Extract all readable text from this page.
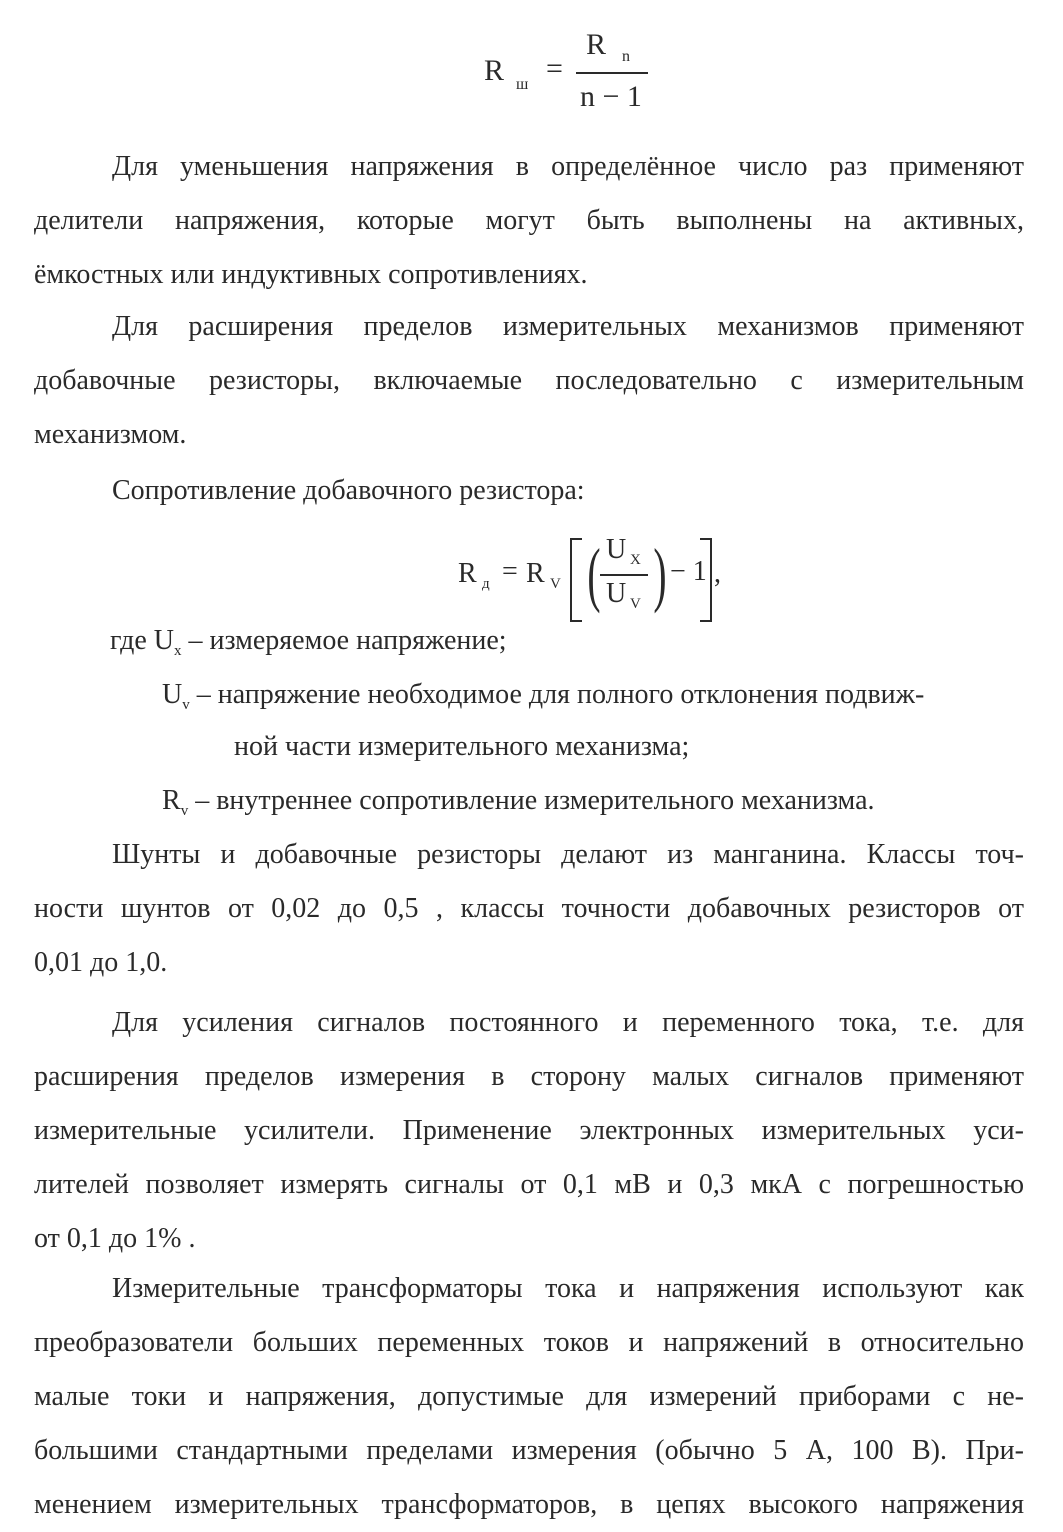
R ш =
R n
n − 1
Для уменьшения напряжения в определённое число раз применяют
делители напряжения, которые могут быть выполнены на активных,
ёмкостных или индуктивных сопротивлениях.
Для расширения пределов измерительных механизмов применяют
добавочные резисторы, включаемые последовательно с измерительным
механизмом.
Сопротивление добавочного резистора:
R д = R V ( U X
U V ) − 1 ,
где $U_x$ – измеряемое напряжение;
$U_v$ – напряжение необходимое для полного отклонения подвиж-
ной части измерительного механизма;
$R_v$ – внутреннее сопротивление измерительного механизма.
Шунты и добавочные резисторы делают из манганина. Классы точ-
ности шунтов от 0,02 до 0,5 , классы точности добавочных резисторов от
0,01 до 1,0.
Для усиления сигналов постоянного и переменного тока, т.е. для
расширения пределов измерения в сторону малых сигналов применяют
измерительные усилители. Применение электронных измерительных уси-
лителей позволяет измерять сигналы от 0,1 мВ и 0,3 мкА с погрешностью
от 0,1 до 1% .
Измерительные трансформаторы тока и напряжения используют как
преобразователи больших переменных токов и напряжений в относительно
малые токи и напряжения, допустимые для измерений приборами с не-
большими стандартными пределами измерения (обычно 5 А, 100 В). При-
менением измерительных трансформаторов, в цепях высокого напряжения
